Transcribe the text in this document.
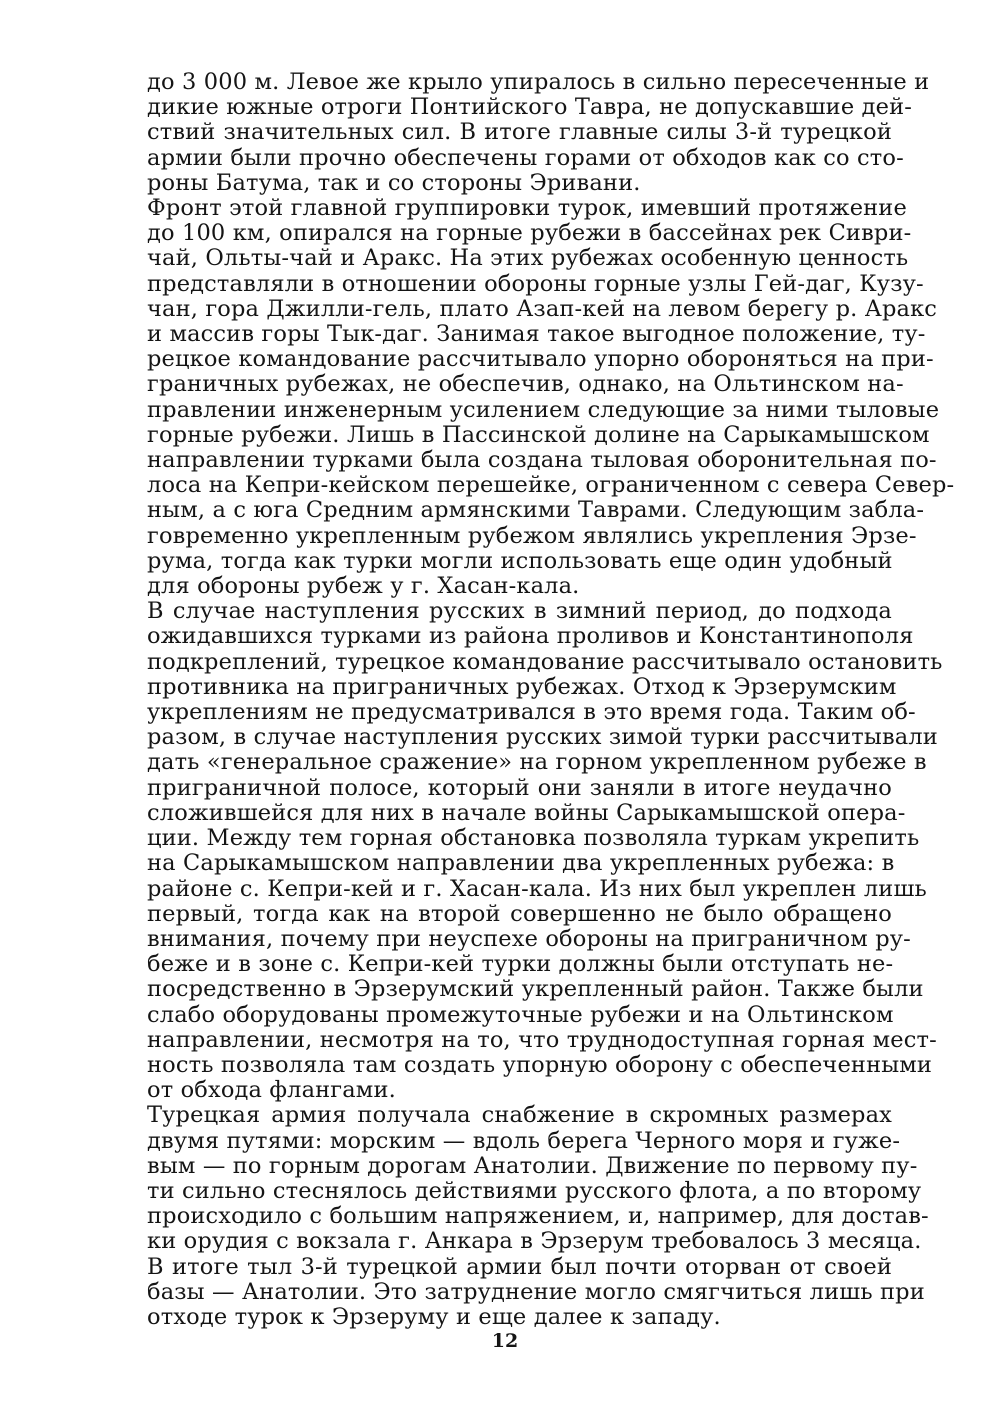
до 3 000 м. Левое же крыло упиралось в сильно пересеченные и
дикие южные отроги Понтийского Тавра, не допускавшие дей-
ствий значительных сил. В итоге главные силы 3-й турецкой
армии были прочно обеспечены горами от обходов как со сто-
роны Батума, так и со стороны Эривани.

Фронт этой главной группировки турок, имевший протяжение
до 100 км, опирался на горные рубежи в бассейнах рек Сиври-
чай, Ольты-чай и Аракс. На этих рубежах особенную ценность
представляли в отношении обороны горные узлы Гей-даг, Кузу-
чан, гора Джилли-гель, плато Азап-кей на левом берегу р. Аракс
и массив горы Тык-даг. Занимая такое выгодное положение, ту-
рецкое командование рассчитывало упорно обороняться на при-
граничных рубежах, не обеспечив, однако, на Ольтинском на-
правлении инженерным усилением следующие за ними тыловые
горные рубежи. Лишь в Пассинской долине на Сарыкамышском
направлении турками была создана тыловая оборонительная по-
лоса на Кепри-кейском перешейке, ограниченном с севера Север-
ным, а с юга Средним армянскими Таврами. Следующим забла-
говременно укрепленным рубежом являлись укрепления Эрзе-
рума, тогда как турки могли использовать еще один удобный
для обороны рубеж у г. Хасан-кала.

В случае наступления русских в зимний период, до подхода
ожидавшихся турками из района проливов и Константинополя
подкреплений, турецкое командование рассчитывало остановить
противника на приграничных рубежах. Отход к Эрзерумским
укреплениям не предусматривался в это время года. Таким об-
разом, в случае наступления русских зимой турки рассчитывали
дать «генеральное сражение» на горном укрепленном рубеже в
приграничной полосе, который они заняли в итоге неудачно
сложившейся для них в начале войны Сарыкамышской опера-
ции. Между тем горная обстановка позволяла туркам укрепить
на Сарыкамышском направлении два укрепленных рубежа: в
районе с. Кепри-кей и г. Хасан-кала. Из них был укреплен лишь
первый, тогда как на второй совершенно не было обращено
внимания, почему при неуспехе обороны на приграничном ру-
беже и в зоне с. Кепри-кей турки должны были отступать не-
посредственно в Эрзерумский укрепленный район. Также были
слабо оборудованы промежуточные рубежи и на Ольтинском
направлении, несмотря на то, что труднодоступная горная мест-
ность позволяла там создать упорную оборону с обеспеченными
от обхода флангами.

Турецкая армия получала снабжение в скромных размерах
двумя путями: морским — вдоль берега Черного моря и гуже-
вым — по горным дорогам Анатолии. Движение по первому пу-
ти сильно стеснялось действиями русского флота, а по второму
происходило с большим напряжением, и, например, для достав-
ки орудия с вокзала г. Анкара в Эрзерум требовалось 3 месяца.
В итоге тыл 3-й турецкой армии был почти оторван от своей
базы — Анатолии. Это затруднение могло смягчиться лишь при
отходе турок к Эрзеруму и еще далее к западу.

12
